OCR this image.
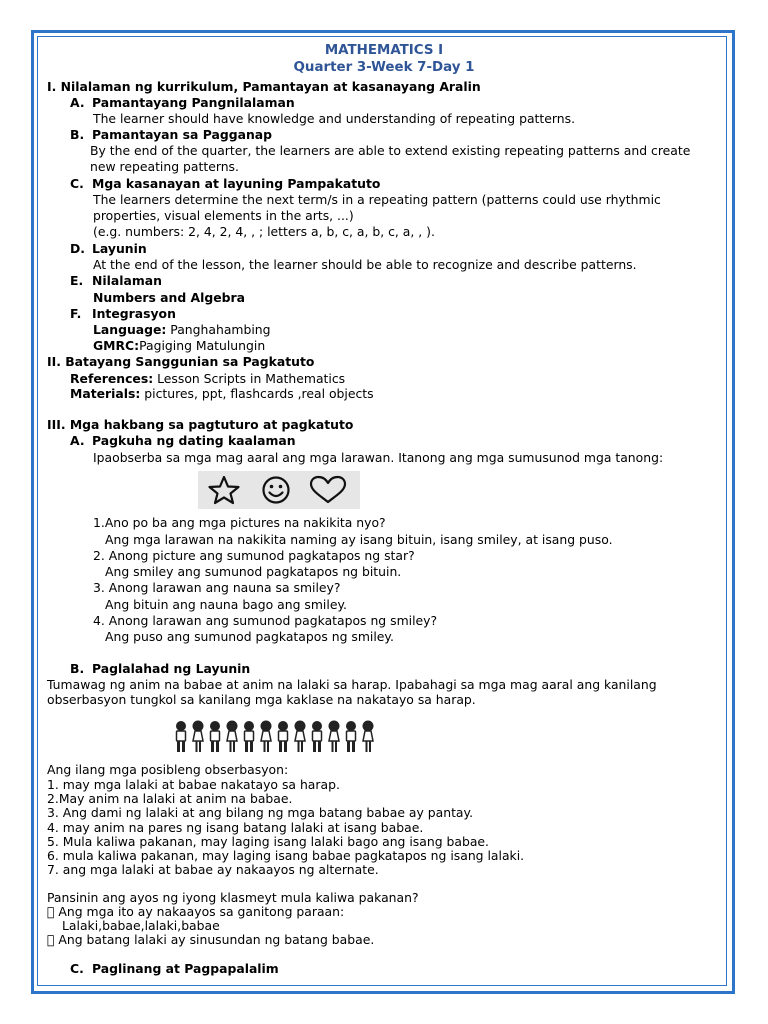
MATHEMATICS I
Quarter 3-Week 7-Day 1
I. Nilalaman ng kurrikulum, Pamantayan at kasanayang Aralin
A. Pamantayang Pangnilalaman
The learner should have knowledge and understanding of repeating patterns.
B. Pamantayan sa Pagganap
By the end of the quarter, the learners are able to extend existing repeating patterns and create
new repeating patterns.
C. Mga kasanayan at layuning Pampakatuto
The learners determine the next term/s in a repeating pattern (patterns could use rhythmic
properties, visual elements in the arts, ...)
(e.g. numbers: 2, 4, 2, 4, , ; letters a, b, c, a, b, c, a, , ).
D. Layunin
At the end of the lesson, the learner should be able to recognize and describe patterns.
E. Nilalaman
Numbers and Algebra
F. Integrasyon
Language: Panghahambing
GMRC:Pagiging Matulungin
II. Batayang Sanggunian sa Pagkatuto
References: Lesson Scripts in Mathematics
Materials: pictures, ppt, flashcards ,real objects
III. Mga hakbang sa pagtuturo at pagkatuto
A. Pagkuha ng dating kaalaman
Ipaobserba sa mga mag aaral ang mga larawan. Itanong ang mga sumusunod mga tanong:
1.Ano po ba ang mga pictures na nakikita nyo?
Ang mga larawan na nakikita naming ay isang bituin, isang smiley, at isang puso.
2. Anong picture ang sumunod pagkatapos ng star?
Ang smiley ang sumunod pagkatapos ng bituin.
3. Anong larawan ang nauna sa smiley?
Ang bituin ang nauna bago ang smiley.
4. Anong larawan ang sumunod pagkatapos ng smiley?
Ang puso ang sumunod pagkatapos ng smiley.
B. Paglalahad ng Layunin
Tumawag ng anim na babae at anim na lalaki sa harap. Ipabahagi sa mga mag aaral ang kanilang
obserbasyon tungkol sa kanilang mga kaklase na nakatayo sa harap.
Ang ilang mga posibleng obserbasyon:
1. may mga lalaki at babae nakatayo sa harap.
2.May anim na lalaki at anim na babae.
3. Ang dami ng lalaki at ang bilang ng mga batang babae ay pantay.
4. may anim na pares ng isang batang lalaki at isang babae.
5. Mula kaliwa pakanan, may laging isang lalaki bago ang isang babae.
6. mula kaliwa pakanan, may laging isang babae pagkatapos ng isang lalaki.
7. ang mga lalaki at babae ay nakaayos ng alternate.
Pansinin ang ayos ng iyong klasmeyt mula kaliwa pakanan?
Ang mga ito ay nakaayos sa ganitong paraan:
Lalaki,babae,lalaki,babae
Ang batang lalaki ay sinusundan ng batang babae.
C. Paglinang at Pagpapalalim
